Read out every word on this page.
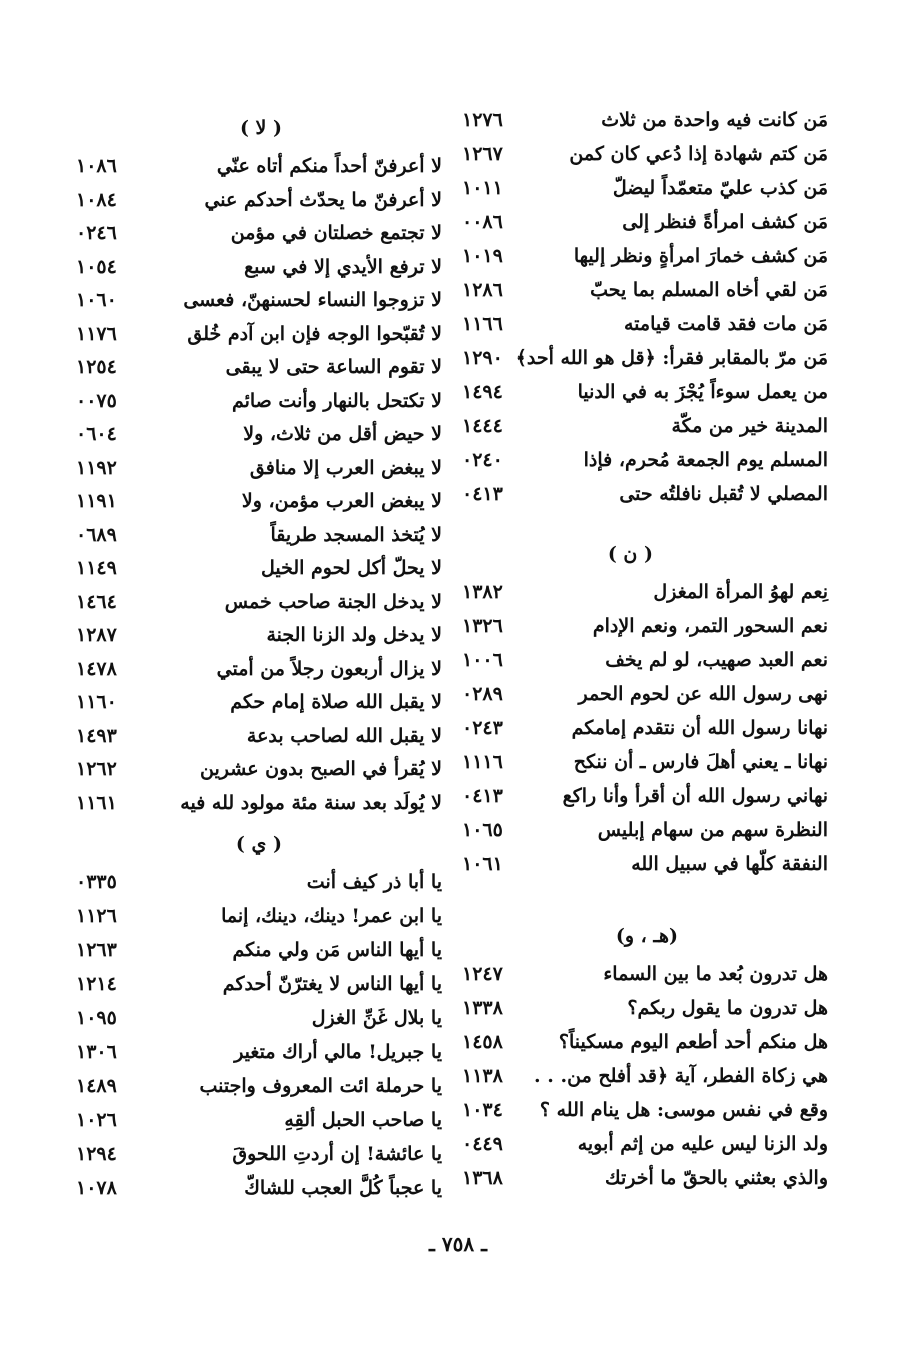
مَن كانت فيه واحدة من ثلاث
١٢٧٦
مَن كتم شهادة إذا دُعي كان كمن
١٢٦٧
مَن كذب عليّ متعمّداً ليضلّ
١٠١١
مَن كشف امرأةً فنظر إلى
٠٠٨٦
مَن كشف خمارَ امرأةٍ ونظر إليها
١٠١٩
مَن لقي أخاه المسلم بما يحبّ
١٢٨٦
مَن مات فقد قامت قيامته
١١٦٦
مَن مرّ بالمقابر فقرأ: ﴿قل هو الله أحد﴾
١٢٩٠
من يعمل سوءاً يُجْزَ به في الدنيا
١٤٩٤
المدينة خير من مكّة
١٤٤٤
المسلم يوم الجمعة مُحرم، فإذا
٠٢٤٠
المصلي لا تُقبل نافلتُه حتى
٠٤١٣
( ن )
نِعم لهوُ المرأة المغزل
١٣٨٢
نعم السحور التمر، ونعم الإدام
١٣٢٦
نعم العبد صهيب، لو لم يخف
١٠٠٦
نهى رسول الله عن لحوم الحمر
٠٢٨٩
نهانا رسول الله أن نتقدم إمامكم
٠٢٤٣
نهانا ـ يعني أهلَ فارس ـ أن ننكح
١١١٦
نهاني رسول الله أن أقرأ وأنا راكع
٠٤١٣
النظرة سهم من سهام إبليس
١٠٦٥
النفقة كلّها في سبيل الله
١٠٦١
(هـ ، و)
هل تدرون بُعد ما بين السماء
١٢٤٧
هل تدرون ما يقول ربكم؟
١٣٣٨
هل منكم أحد أطعم اليوم مسكيناً؟
١٤٥٨
هي زكاة الفطر، آية ﴿قد أفلح من. . .
١١٣٨
وقع في نفس موسى: هل ينام الله ؟
١٠٣٤
ولد الزنا ليس عليه من إثم أبويه
٠٤٤٩
والذي بعثني بالحقّ ما أخرتك
١٣٦٨
( لا )
لا أعرفنّ أحداً منكم أتاه عنّي
١٠٨٦
لا أعرفنّ ما يحدّث أحدكم عني
١٠٨٤
لا تجتمع خصلتان في مؤمن
٠٢٤٦
لا ترفع الأيدي إلا في سبع
١٠٥٤
لا تزوجوا النساء لحسنهنّ، فعسى
١٠٦٠
لا تُقبّحوا الوجه فإن ابن آدم خُلق
١١٧٦
لا تقوم الساعة حتى لا يبقى
١٢٥٤
لا تكتحل بالنهار وأنت صائم
٠٠٧٥
لا حيض أقل من ثلاث، ولا
٠٦٠٤
لا يبغض العرب إلا منافق
١١٩٢
لا يبغض العرب مؤمن، ولا
١١٩١
لا يُتخذ المسجد طريقاً
٠٦٨٩
لا يحلّ أكل لحوم الخيل
١١٤٩
لا يدخل الجنة صاحب خمس
١٤٦٤
لا يدخل ولد الزنا الجنة
١٢٨٧
لا يزال أربعون رجلاً من أمتي
١٤٧٨
لا يقبل الله صلاة إمام حكم
١١٦٠
لا يقبل الله لصاحب بدعة
١٤٩٣
لا يُقرأ في الصبح بدون عشرين
١٢٦٢
لا يُولَد بعد سنة مئة مولود لله فيه
١١٦١
( ي )
يا أبا ذر كيف أنت
٠٣٣٥
يا ابن عمر! دينك، دينك، إنما
١١٢٦
يا أيها الناس مَن ولي منكم
١٢٦٣
يا أيها الناس لا يغترّنّ أحدكم
١٢١٤
يا بلال غَنِّ الغزل
١٠٩٥
يا جبريل! مالي أراك متغير
١٣٠٦
يا حرملة ائت المعروف واجتنب
١٤٨٩
يا صاحب الحبل ألقِهِ
١٠٢٦
يا عائشة! إن أردتِ اللحوقَ
١٢٩٤
يا عجباً كُلَّ العجب للشاكّ
١٠٧٨
ـ ٧٥٨ ـ
